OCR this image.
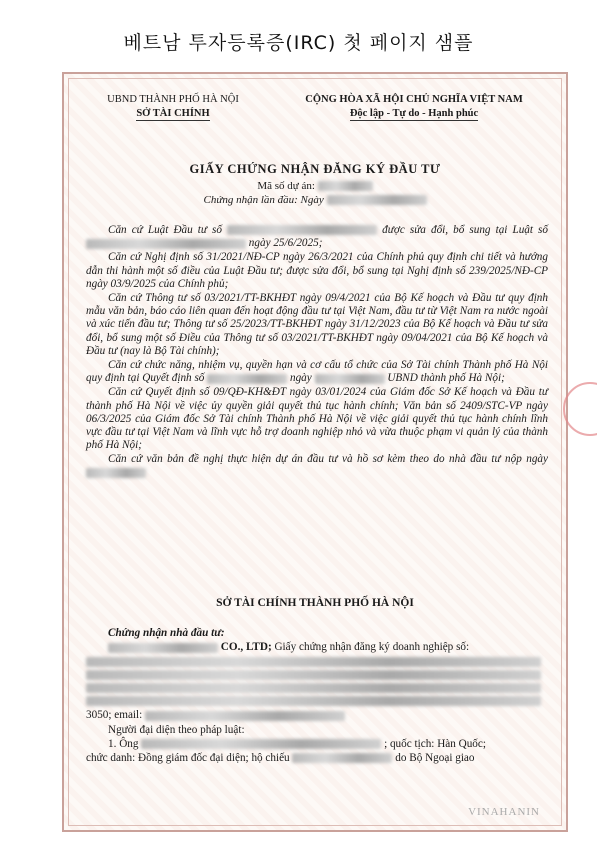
베트남 투자등록증(IRC) 첫 페이지 샘플
UBND THÀNH PHỐ HÀ NỘI
SỞ TÀI CHÍNH
CỘNG HÒA XÃ HỘI CHỦ NGHĨA VIỆT NAM
Độc lập - Tự do - Hạnh phúc
GIẤY CHỨNG NHẬN ĐĂNG KÝ ĐẦU TƯ
Mã số dự án:
Chứng nhận lần đầu: Ngày

Căn cứ Luật Đầu tư số	được sửa đổi, bổ sung tại Luật số  ngày 25/6/2025;

Căn cứ Nghị định số 31/2021/NĐ-CP ngày 26/3/2021 của Chính phủ quy định chi tiết và hướng dẫn thi hành một số điều của Luật Đầu tư; được sửa đổi, bổ sung tại Nghị định số 239/2025/NĐ-CP ngày 03/9/2025 của Chính phủ;

Căn cứ Thông tư số 03/2021/TT-BKHĐT ngày 09/4/2021 của Bộ Kế hoạch và Đầu tư quy định mẫu văn bản, báo cáo liên quan đến hoạt động đầu tư tại Việt Nam, đầu tư từ Việt Nam ra nước ngoài và xúc tiến đầu tư; Thông tư số 25/2023/TT-BKHĐT ngày 31/12/2023 của Bộ Kế hoạch và Đầu tư sửa đổi, bổ sung một số Điều của Thông tư số 03/2021/TT-BKHĐT ngày 09/04/2021 của Bộ Kế hoạch và Đầu tư (nay là Bộ Tài chính);

Căn cứ chức năng, nhiệm vụ, quyền hạn và cơ cấu tổ chức của Sở Tài chính Thành phố Hà Nội quy định tại Quyết định số	ngày	UBND thành phố Hà Nội;

Căn cứ Quyết định số 09/QĐ-KH&ĐT ngày 03/01/2024 của Giám đốc Sở Kế hoạch và Đầu tư thành phố Hà Nội về việc ủy quyền giải quyết thủ tục hành chính; Văn bản số 2409/STC-VP ngày 06/3/2025 của Giám đốc Sở Tài chính Thành phố Hà Nội về việc giải quyết thủ tục hành chính lĩnh vực đầu tư tại Việt Nam và lĩnh vực hỗ trợ doanh nghiệp nhỏ và vừa thuộc phạm vi quản lý của thành phố Hà Nội;

Căn cứ văn bản đề nghị thực hiện dự án đầu tư và hồ sơ kèm theo do nhà đầu tư nộp ngày

SỞ TÀI CHÍNH THÀNH PHỐ HÀ NỘI

Chứng nhận nhà đầu tư:

CO., LTD; Giấy chứng nhận đăng ký doanh nghiệp số:

3050; email:

Người đại diện theo pháp luật:

1. Ông	; quốc tịch: Hàn Quốc;

chức danh: Đồng giám đốc đại diện; hộ chiếu	do Bộ Ngoại giao

VINAHANIN
